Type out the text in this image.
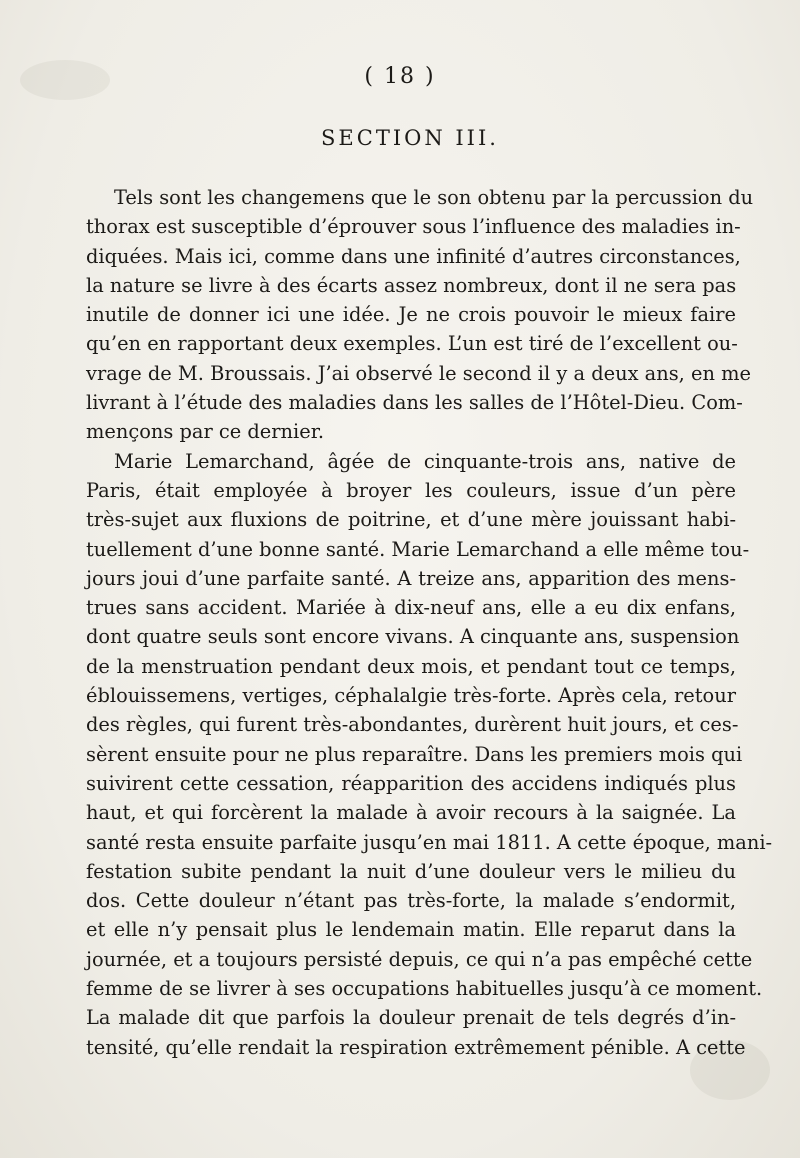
( 18 )
SECTION III.
Tels sont les changemens que le son obtenu par la percussion du
thorax est susceptible d’éprouver sous l’influence des maladies in-
diquées. Mais ici, comme dans une infinité d’autres circonstances,
la nature se livre à des écarts assez nombreux, dont il ne sera pas
inutile de donner ici une idée. Je ne crois pouvoir le mieux faire
qu’en en rapportant deux exemples. L’un est tiré de l’excellent ou-
vrage de M. Broussais. J’ai observé le second il y a deux ans, en me
livrant à l’étude des maladies dans les salles de l’Hôtel-Dieu. Com-
mençons par ce dernier.
Marie Lemarchand, âgée de cinquante-trois ans, native de
Paris, était employée à broyer les couleurs, issue d’un père
très-sujet aux fluxions de poitrine, et d’une mère jouissant habi-
tuellement d’une bonne santé. Marie Lemarchand a elle même tou-
jours joui d’une parfaite santé. A treize ans, apparition des mens-
trues sans accident. Mariée à dix-neuf ans, elle a eu dix enfans,
dont quatre seuls sont encore vivans. A cinquante ans, suspension
de la menstruation pendant deux mois, et pendant tout ce temps,
éblouissemens, vertiges, céphalalgie très-forte. Après cela, retour
des règles, qui furent très-abondantes, durèrent huit jours, et ces-
sèrent ensuite pour ne plus reparaître. Dans les premiers mois qui
suivirent cette cessation, réapparition des accidens indiqués plus
haut, et qui forcèrent la malade à avoir recours à la saignée. La
santé resta ensuite parfaite jusqu’en mai 1811. A cette époque, mani-
festation subite pendant la nuit d’une douleur vers le milieu du
dos. Cette douleur n’étant pas très-forte, la malade s’endormit,
et elle n’y pensait plus le lendemain matin. Elle reparut dans la
journée, et a toujours persisté depuis, ce qui n’a pas empêché cette
femme de se livrer à ses occupations habituelles jusqu’à ce moment.
La malade dit que parfois la douleur prenait de tels degrés d’in-
tensité, qu’elle rendait la respiration extrêmement pénible. A cette
